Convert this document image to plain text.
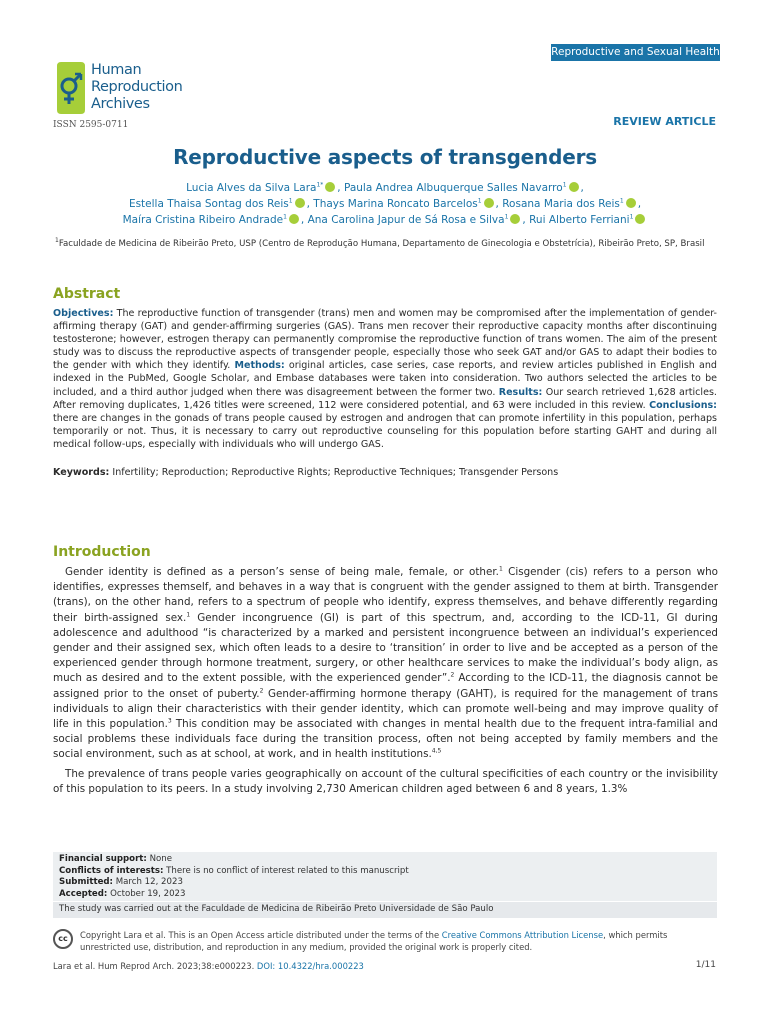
Reproductive and Sexual Health
Human
Reproduction
Archives
ISSN 2595-0711	REVIEW ARTICLE
Reproductive aspects of transgenders
Lucia Alves da Silva Lara$^{1*}$ , Paula Andrea Albuquerque Salles Navarro$^1$ ,
Estella Thaisa Sontag dos Reis$^1$ , Thays Marina Roncato Barcelos$^1$ , Rosana Maria dos Reis$^1$ ,
Maíra Cristina Ribeiro Andrade$^1$ , Ana Carolina Japur de Sá Rosa e Silva$^1$ , Rui Alberto Ferriani$^1$
$^1$Faculdade de Medicina de Ribeirão Preto, USP (Centro de Reprodução Humana, Departamento de Ginecologia e Obstetrícia), Ribeirão Preto, SP, Brasil
Abstract
Objectives: The reproductive function of transgender (trans) men and women may be compromised after the implementation of gender-affirming therapy (GAT) and gender-affirming surgeries (GAS). Trans men recover their reproductive capacity months after discontinuing testosterone; however, estrogen therapy can permanently compromise the reproductive function of trans women. The aim of the present study was to discuss the reproductive aspects of transgender people, especially those who seek GAT and/or GAS to adapt their bodies to the gender with which they identify. Methods: original articles, case series, case reports, and review articles published in English and indexed in the PubMed, Google Scholar, and Embase databases were taken into consideration. Two authors selected the articles to be included, and a third author judged when there was disagreement between the former two. Results: Our search retrieved 1,628 articles. After removing duplicates, 1,426 titles were screened, 112 were considered potential, and 63 were included in this review. Conclusions: there are changes in the gonads of trans people caused by estrogen and androgen that can promote infertility in this population, perhaps temporarily or not. Thus, it is necessary to carry out reproductive counseling for this population before starting GAHT and during all medical follow-ups, especially with individuals who will undergo GAS.
Keywords: Infertility; Reproduction; Reproductive Rights; Reproductive Techniques; Transgender Persons
Introduction

Gender identity is defined as a person’s sense of being male, female, or other.$^1$ Cisgender (cis) refers to a person who identifies, expresses themself, and behaves in a way that is congruent with the gender assigned to them at birth. Transgender (trans), on the other hand, refers to a spectrum of people who identify, express themselves, and behave differently regarding their birth-assigned sex.$^1$ Gender incongruence (GI) is part of this spectrum, and, according to the ICD-11, GI during adolescence and adulthood “is characterized by a marked and persistent incongruence between an individual’s experienced gender and their assigned sex, which often leads to a desire to ‘transition’ in order to live and be accepted as a person of the experienced gender through hormone treatment, surgery, or other healthcare services to make the individual’s body align, as much as desired and to the extent possible, with the experienced gender”.$^2$ According to the ICD-11, the diagnosis cannot be assigned prior to the onset of puberty.$^2$ Gender-affirming hormone therapy (GAHT), is required for the management of trans individuals to align their characteristics with their gender identity, which can promote well-being and may improve quality of life in this population.$^3$ This condition may be associated with changes in mental health due to the frequent intra-familial and social problems these individuals face during the transition process, often not being accepted by family members and the social environment, such as at school, at work, and in health institutions.$^{4,5}$

The prevalence of trans people varies geographically on account of the cultural specificities of each country or the invisibility of this population to its peers. In a study involving 2,730 American children aged between 6 and 8 years, 1.3%

Financial support: None
Conflicts of interests: There is no conflict of interest related to this manuscript
Submitted: March 12, 2023
Accepted: October 19, 2023
The study was carried out at the Faculdade de Medicina de Ribeirão Preto Universidade de São Paulo
cc	Copyright Lara et al. This is an Open Access article distributed under the terms of the Creative Commons Attribution License, which permits unrestricted use, distribution, and reproduction in any medium, provided the original work is properly cited.
Lara et al. Hum Reprod Arch. 2023;38:e000223. DOI: 10.4322/hra.000223	1/11
